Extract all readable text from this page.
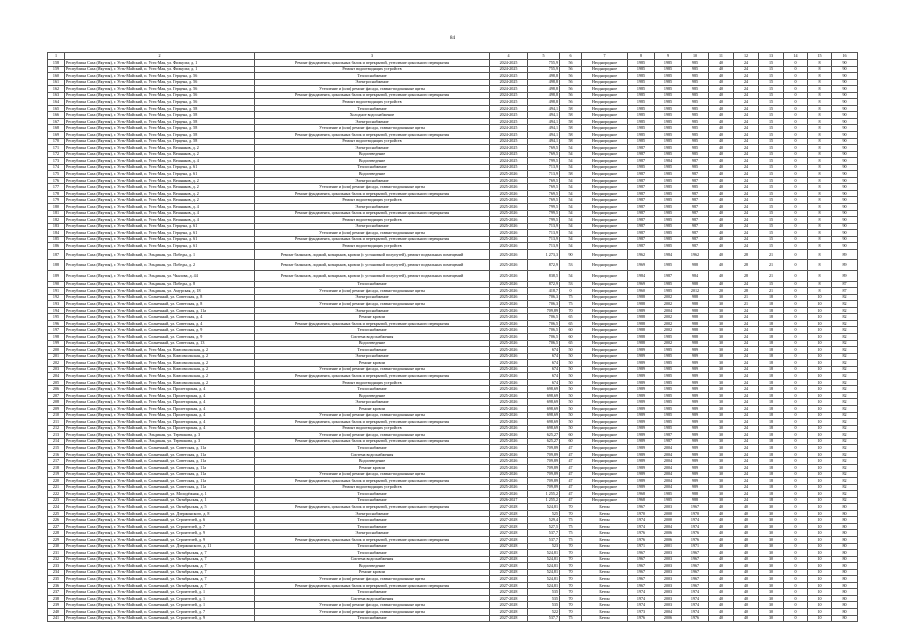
84
1	2	3	4	5	6	7	8	9	10	11	12	13	14	15	16
158	Республика Саха (Якутия), г. Усть-Майский, п. Усть-Мая, ул. Физкульт, д. 1	Ремонт фундамента, цокольных балок и перекрытий, утепление цокольного перекрытия	2024-2025	755,9	56	Неоднородное	1985	1985	985	40	24	15	0	8	90
159	Республика Саха (Якутия), г. Усть-Майский, п. Усть-Мая, ул. Физкульт, д. 1	Ремонт водоотводящих устройств	2024-2025	755,9	56	Неоднородное	1985	1985	985	40	24	15	0	8	90
160	Республика Саха (Якутия), г. Усть-Майский, п. Усть-Мая, ул. Герцена, д. 56	Теплоснабжение	2024-2025	498,8	56	Неоднородное	1985	1985	985	40	24	15	0	8	90
161	Республика Саха (Якутия), г. Усть-Майский, п. Усть-Мая, ул. Герцена, д. 56	Электроснабжение	2024-2025	498,8	56	Неоднородное	1985	1985	985	40	24	15	0	8	90
162	Республика Саха (Якутия), г. Усть-Майский, п. Усть-Мая, ул. Герцена, д. 56	Утепление и (или) ремонт фасада, ставни-подоконные щиты	2024-2025	498,8	56	Неоднородное	1985	1985	985	40	24	15	0	8	90
163	Республика Саха (Якутия), г. Усть-Майский, п. Усть-Мая, ул. Герцена, д. 56	Ремонт фундамента, цокольных балок и перекрытий, утепление цокольного перекрытия	2024-2025	498,8	56	Неоднородное	1985	1985	985	40	24	15	0	8	90
164	Республика Саха (Якутия), г. Усть-Майский, п. Усть-Мая, ул. Герцена, д. 56	Ремонт водоотводящих устройств	2024-2025	498,8	56	Неоднородное	1985	1985	985	40	24	15	0	8	90
165	Республика Саха (Якутия), г. Усть-Майский, п. Усть-Мая, ул. Герцена, д. 58	Теплоснабжение	2024-2025	494,1	58	Неоднородное	1985	1985	985	40	24	15	0	8	90
166	Республика Саха (Якутия), г. Усть-Майский, п. Усть-Мая, ул. Герцена, д. 58	Холодное водоснабжение	2024-2025	494,1	58	Неоднородное	1985	1985	985	40	24	15	0	8	90
167	Республика Саха (Якутия), г. Усть-Майский, п. Усть-Мая, ул. Герцена, д. 58	Электроснабжение	2024-2025	494,1	58	Неоднородное	1985	1985	985	40	24	15	0	8	90
168	Республика Саха (Якутия), г. Усть-Майский, п. Усть-Мая, ул. Герцена, д. 58	Утепление и (или) ремонт фасада, ставни-подоконные щиты	2024-2025	494,1	58	Неоднородное	1985	1985	985	40	24	15	0	8	90
169	Республика Саха (Якутия), г. Усть-Майский, п. Усть-Мая, ул. Герцена, д. 58	Ремонт фундамента, цокольных балок и перекрытий, утепление цокольного перекрытия	2024-2025	494,1	58	Неоднородное	1985	1985	985	40	24	15	0	8	90
170	Республика Саха (Якутия), г. Усть-Майский, п. Усть-Мая, ул. Герцена, д. 58	Ремонт водоотводящих устройств	2024-2025	494,1	58	Неоднородное	1985	1985	985	40	24	15	0	8	90
171	Республика Саха (Якутия), г. Усть-Майский, п. Усть-Мая, ул. Вешняков, д. 2	Электроснабжение	2024-2025	769,5	54	Неоднородное	1987	1985	985	40	24	15	0	8	90
172	Республика Саха (Якутия), г. Усть-Майский, п. Усть-Мая, ул. Вешняков, д. 2	Водоотведение	2024-2025	769,5	54	Неоднородное	1987	1985	985	40	24	15	0	8	90
173	Республика Саха (Якутия), г. Усть-Майский, п. Усть-Мая, ул. Вешняков, д. 4	Водоотведение	2024-2025	799,5	54	Неоднородное	1987	1984	987	40	24	15	0	8	90
174	Республика Саха (Якутия), г. Усть-Майский, п. Усть-Мая, ул. Герцена, д. 61	Теплоснабжение	2024-2025	713,9	54	Неоднородное	1985	1985	985	40	24	15	0	8	90
175	Республика Саха (Якутия), г. Усть-Майский, п. Усть-Мая, ул. Герцена, д. 61	Водоотведение	2025-2026	713,9	58	Неоднородное	1987	1985	987	40	24	15	0	8	90
176	Республика Саха (Якутия), г. Усть-Майский, п. Усть-Мая, ул. Вешняков, д. 2	Электроснабжение	2025-2026	769,5	54	Неоднородное	1987	1985	987	40	24	15	0	8	90
177	Республика Саха (Якутия), г. Усть-Майский, п. Усть-Мая, ул. Вешняков, д. 2	Утепление и (или) ремонт фасада, ставни-подоконные щиты	2025-2026	769,5	54	Неоднородное	1987	1985	985	40	24	15	0	8	90
178	Республика Саха (Якутия), г. Усть-Майский, п. Усть-Мая, ул. Вешняков, д. 2	Ремонт фундамента, цокольных балок и перекрытий, утепление цокольного перекрытия	2025-2026	769,5	54	Неоднородное	1987	1985	987	40	24	15	0	8	90
179	Республика Саха (Якутия), г. Усть-Майский, п. Усть-Мая, ул. Вешняков, д. 2	Ремонт водоотводящих устройств	2025-2026	769,5	54	Неоднородное	1987	1985	987	40	24	15	0	8	90
180	Республика Саха (Якутия), г. Усть-Майский, п. Усть-Мая, ул. Вешняков, д. 4	Электроснабжение	2025-2026	799,5	54	Неоднородное	1987	1985	987	40	24	15	0	8	90
181	Республика Саха (Якутия), г. Усть-Майский, п. Усть-Мая, ул. Вешняков, д. 4	Ремонт фундамента, цокольных балок и перекрытий, утепление цокольного перекрытия	2025-2026	799,5	54	Неоднородное	1987	1985	987	40	24	15	0	8	90
182	Республика Саха (Якутия), г. Усть-Майский, п. Усть-Мая, ул. Вешняков, д. 4	Ремонт водоотводящих устройств	2025-2026	799,5	54	Неоднородное	1987	1985	987	40	24	15	0	8	90
183	Республика Саха (Якутия), г. Усть-Майский, п. Усть-Мая, ул. Герцена, д. 61	Электроснабжение	2025-2026	713,9	54	Неоднородное	1987	1985	987	40	24	15	0	8	90
184	Республика Саха (Якутия), г. Усть-Майский, п. Усть-Мая, ул. Герцена, д. 61	Утепление и (или) ремонт фасада, ставни-подоконные щиты	2025-2026	713,9	54	Неоднородное	1987	1985	987	40	24	15	0	8	90
185	Республика Саха (Якутия), г. Усть-Майский, п. Усть-Мая, ул. Герцена, д. 61	Ремонт фундамента, цокольных балок и перекрытий, утепление цокольного перекрытия	2025-2026	713,9	54	Неоднородное	1987	1985	987	40	24	15	0	8	90
186	Республика Саха (Якутия), г. Усть-Майский, п. Усть-Мая, ул. Герцена, д. 61	Ремонт водоотводящих устройств	2025-2026	713,9	54	Неоднородное	1987	1985	987	40	24	15	0	8	90
187	Республика Саха (Якутия), г. Усть-Майский, п. Эльдикан, ул. Победы, д. 1	Ремонт балконов, лоджий, козырьков, кровли (с установкой полупутей), ремонт подвальных помещений	2025-2026	1 273,3	90	Неоднородное	1962	1984	1962	40	28	21	0	8	89
188	Республика Саха (Якутия), г. Усть-Майский, п. Эльдикан, ул. Победы, д. 2	Ремонт балконов, лоджий, козырьков, кровли (с установкой полупутей), ремонт подвальных помещений	2025-2026	872,9	53	Неоднородное	1969	1985	988	40	28	21	0	8	89
189	Республика Саха (Якутия), г. Усть-Майский, п. Эльдикан, ул. Чкалова, д. 44	Ремонт балконов, лоджий, козырьков, кровли (с установкой полупутей), ремонт подвальных помещений	2025-2026	838,5	54	Неоднородное	1984	1987	984	40	28	21	0	8	89
190	Республика Саха (Якутия), г. Усть-Майский, п. Эльдикан, ул. Победы, д. 8	Теплоснабжение	2025-2026	872,9	53	Неоднородное	1969	1985	988	40	24	15	0	8	87
191	Республика Саха (Якутия), г. Усть-Майский, п. Эльдикан, ул. Амурская, д. 18	Утепление и (или) ремонт фасада, ставни-подоконные щиты	2025-2026	418,7	0	Неоднородное	1960	1985	2012	20	28	21	0	8	87
192	Республика Саха (Якутия), г. Усть-Майский, п. Солнечный, ул. Советская, д. 8	Электроснабжение	2025-2026	706,3	75	Неоднородное	1988	2002	988	30	21	18	0	10	82
193	Республика Саха (Якутия), г. Усть-Майский, п. Солнечный, ул. Советская, д. 8	Утепление и (или) ремонт фасада, ставни-подоконные щиты	2025-2026	706,3	75	Неоднородное	1988	2002	988	30	21	18	0	10	82
194	Республика Саха (Якутия), г. Усть-Майский, п. Солнечный, ул. Советская, д. 11а	Электроснабжение	2025-2026	709,89	70	Неоднородное	1989	2004	988	30	24	18	0	10	82
195	Республика Саха (Якутия), г. Усть-Майский, п. Солнечный, ул. Советская, д. 4	Ремонт кровли	2025-2026	706,5	65	Неоднородное	1988	2002	988	30	24	18	0	10	82
196	Республика Саха (Якутия), г. Усть-Майский, п. Солнечный, ул. Советская, д. 4	Ремонт фундамента, цокольных балок и перекрытий, утепление цокольного перекрытия	2025-2026	706,5	65	Неоднородное	1988	2002	988	30	24	18	0	10	82
197	Республика Саха (Якутия), г. Усть-Майский, п. Солнечный, ул. Советская, д. 9	Теплоснабжение	2025-2026	706,5	60	Неоднородное	1988	2002	988	30	24	18	0	10	82
198	Республика Саха (Якутия), г. Усть-Майский, п. Солнечный, ул. Советская, д. 9	Система водоснабжения	2025-2026	706,5	60	Неоднородное	1988	1985	988	30	24	18	0	10	82
199	Республика Саха (Якутия), г. Усть-Майский, п. Солнечный, ул. Советская, д. 13	Водоотведение	2025-2026	706,5	65	Неоднородное	1988	2002	988	30	24	18	0	10	82
200	Республика Саха (Якутия), г. Усть-Майский, п. Усть-Мая, ул. Комсомольская, д. 2	Теплоснабжение	2025-2026	674	50	Неоднородное	1989	1985	989	30	24	18	0	10	82
201	Республика Саха (Якутия), г. Усть-Майский, п. Усть-Мая, ул. Комсомольская, д. 2	Электроснабжение	2025-2026	674	50	Неоднородное	1989	1985	989	30	24	18	0	10	82
202	Республика Саха (Якутия), г. Усть-Майский, п. Усть-Мая, ул. Комсомольская, д. 2	Ремонт кровли	2025-2026	674	50	Неоднородное	1989	1985	989	30	24	18	0	10	82
203	Республика Саха (Якутия), г. Усть-Майский, п. Усть-Мая, ул. Комсомольская, д. 2	Утепление и (или) ремонт фасада, ставни-подоконные щиты	2025-2026	674	50	Неоднородное	1989	1985	989	30	24	18	0	10	82
204	Республика Саха (Якутия), г. Усть-Майский, п. Усть-Мая, ул. Комсомольская, д. 2	Ремонт фундамента, цокольных балок и перекрытий, утепление цокольного перекрытия	2025-2026	674	50	Неоднородное	1989	1985	989	30	24	18	0	10	82
205	Республика Саха (Якутия), г. Усть-Майский, п. Усть-Мая, ул. Комсомольская, д. 2	Ремонт водоотводящих устройств	2025-2026	674	50	Неоднородное	1989	1985	989	30	24	18	0	10	82
206	Республика Саха (Якутия), г. Усть-Майский, п. Усть-Мая, ул. Пролетарская, д. 4	Теплоснабжение	2025-2026	698,69	50	Неоднородное	1989	1985	989	30	24	18	0	10	82
207	Республика Саха (Якутия), г. Усть-Майский, п. Усть-Мая, ул. Пролетарская, д. 4	Водоотведение	2025-2026	698,69	50	Неоднородное	1989	1985	989	30	24	18	0	10	82
208	Республика Саха (Якутия), г. Усть-Майский, п. Усть-Мая, ул. Пролетарская, д. 4	Электроснабжение	2025-2026	698,69	50	Неоднородное	1989	1985	989	30	24	18	0	10	82
209	Республика Саха (Якутия), г. Усть-Майский, п. Усть-Мая, ул. Пролетарская, д. 4	Ремонт кровли	2025-2026	698,69	50	Неоднородное	1989	1985	989	30	24	18	0	10	82
210	Республика Саха (Якутия), г. Усть-Майский, п. Усть-Мая, ул. Пролетарская, д. 4	Утепление и (или) ремонт фасада, ставни-подоконные щиты	2025-2026	698,69	50	Неоднородное	1989	1985	989	30	24	18	0	10	82
211	Республика Саха (Якутия), г. Усть-Майский, п. Усть-Мая, ул. Пролетарская, д. 4	Ремонт фундамента, цокольных балок и перекрытий, утепление цокольного перекрытия	2025-2026	698,69	50	Неоднородное	1989	1985	989	30	24	18	0	10	82
212	Республика Саха (Якутия), г. Усть-Майский, п. Усть-Мая, ул. Пролетарская, д. 4	Ремонт водоотводящих устройств	2025-2026	698,69	50	Неоднородное	1989	1985	989	30	24	18	0	10	82
213	Республика Саха (Якутия), г. Усть-Майский, п. Эльдикан, ул. Терешкова, д. 3	Утепление и (или) ремонт фасада, ставни-подоконные щиты	2025-2026	625,27	60	Неоднородное	1989	1987	989	30	24	18	0	10	82
214	Республика Саха (Якутия), г. Усть-Майский, п. Эльдикан, ул. Терешкова, д. 3	Ремонт фундамента, цокольных балок и перекрытий, утепление цокольного перекрытия	2025-2026	625,27	60	Неоднородное	1989	1987	989	30	24	18	0	10	82
215	Республика Саха (Якутия), г. Усть-Майский, п. Солнечный, ул. Советская, д. 11а	Теплоснабжение	2025-2026	709,89	47	Неоднородное	1989	2004	989	30	24	18	0	10	82
216	Республика Саха (Якутия), г. Усть-Майский, п. Солнечный, ул. Советская, д. 11а	Система водоснабжения	2025-2026	709,89	47	Неоднородное	1989	2004	989	30	24	18	0	10	82
217	Республика Саха (Якутия), г. Усть-Майский, п. Солнечный, ул. Советская, д. 11а	Водоотведение	2025-2026	709,89	47	Неоднородное	1989	2004	989	30	24	18	0	10	82
218	Республика Саха (Якутия), г. Усть-Майский, п. Солнечный, ул. Советская, д. 11а	Ремонт кровли	2025-2026	709,89	47	Неоднородное	1989	2004	989	30	24	18	0	10	82
219	Республика Саха (Якутия), г. Усть-Майский, п. Солнечный, ул. Советская, д. 11а	Утепление и (или) ремонт фасада, ставни-подоконные щиты	2025-2026	709,89	47	Неоднородное	1989	2004	989	30	24	18	0	10	82
220	Республика Саха (Якутия), г. Усть-Майский, п. Солнечный, ул. Советская, д. 11а	Ремонт фундамента, цокольных балок и перекрытий, утепление цокольного перекрытия	2025-2026	709,89	47	Неоднородное	1989	2004	989	30	24	18	0	10	82
221	Республика Саха (Якутия), г. Усть-Майский, п. Солнечный, ул. Советская, д. 11а	Ремонт водоотводящих устройств	2025-2026	709,89	47	Неоднородное	1989	2004	989	30	24	18	0	10	82
222	Республика Саха (Якутия), г. Усть-Майский, п. Солнечный, ул. Молодёжная, д. 1	Теплоснабжение	2025-2026	1 255,2	47	Неоднородное	1968	1985	988	30	24	18	0	10	82
223	Республика Саха (Якутия), г. Усть-Майский, п. Солнечный, ул. Октябрьская, д. 1	Теплоснабжение	2026-2027	1 255,2	47	Неоднородное	1968	1985	988	30	24	18	0	10	82
224	Республика Саха (Якутия), г. Усть-Майский, п. Солнечный, ул. Октябрьская, д. 5	Ремонт фундамента, цокольных балок и перекрытий, утепление цокольного перекрытия	2027-2028	524,81	70	Бетон	1967	2003	1967	40	40	30	0	10	80
225	Республика Саха (Якутия), г. Усть-Майский, п. Солнечный, ул. Дзержинского, д. 8	Электроснабжение	2027-2028	525	70	Бетон	1970	2000	1970	40	40	30	0	10	80
226	Республика Саха (Якутия), г. Усть-Майский, п. Солнечный, ул. Строителей, д. 6	Теплоснабжение	2027-2028	529,4	75	Бетон	1974	2000	1974	40	40	30	0	10	80
227	Республика Саха (Якутия), г. Усть-Майский, п. Солнечный, ул. Строителей, д. 7	Теплоснабжение	2027-2028	527,5	75	Бетон	1974	2004	1974	40	40	30	0	10	80
228	Республика Саха (Якутия), г. Усть-Майский, п. Солнечный, ул. Строителей, д. 9	Электроснабжение	2027-2028	537,7	75	Бетон	1976	2006	1976	40	40	30	0	10	80
229	Республика Саха (Якутия), г. Усть-Майский, п. Солнечный, ул. Строителей, д. 9	Ремонт фундамента, цокольных балок и перекрытий, утепление цокольного перекрытия	2027-2028	537,7	75	Бетон	1976	2006	1976	40	40	30	0	10	80
230	Республика Саха (Якутия), г. Усть-Майский, п. Солнечный, ул. Дзержинского, д. 11	Теплоснабжение	2027-2028	523	70	Бетон	1971	2001	1971	40	40	30	0	10	80
231	Республика Саха (Якутия), г. Усть-Майский, п. Солнечный, ул. Октябрьская, д. 7	Теплоснабжение	2027-2028	524,81	70	Бетон	1967	2003	1967	40	40	30	0	10	80
232	Республика Саха (Якутия), г. Усть-Майский, п. Солнечный, ул. Октябрьская, д. 7	Система водоснабжения	2027-2028	524,81	70	Бетон	1967	2003	1967	40	40	30	0	10	80
233	Республика Саха (Якутия), г. Усть-Майский, п. Солнечный, ул. Октябрьская, д. 7	Водоотведение	2027-2028	524,81	70	Бетон	1967	2003	1967	40	40	30	0	10	80
234	Республика Саха (Якутия), г. Усть-Майский, п. Солнечный, ул. Октябрьская, д. 7	Ремонт кровли	2027-2028	524,81	70	Бетон	1967	2003	1967	40	40	30	0	10	80
235	Республика Саха (Якутия), г. Усть-Майский, п. Солнечный, ул. Октябрьская, д. 7	Утепление и (или) ремонт фасада, ставни-подоконные щиты	2027-2028	524,81	70	Бетон	1967	2003	1967	40	40	30	0	10	80
236	Республика Саха (Якутия), г. Усть-Майский, п. Солнечный, ул. Октябрьская, д. 7	Ремонт фундамента, цокольных балок и перекрытий, утепление цокольного перекрытия	2027-2028	524,81	70	Бетон	1967	2003	1967	40	40	30	0	10	80
237	Республика Саха (Якутия), г. Усть-Майский, п. Солнечный, ул. Строителей, д. 1	Теплоснабжение	2027-2028	535	70	Бетон	1974	2003	1974	40	40	30	0	10	80
238	Республика Саха (Якутия), г. Усть-Майский, п. Солнечный, ул. Строителей, д. 1	Система водоснабжения	2027-2028	535	70	Бетон	1974	2003	1974	40	40	30	0	10	80
239	Республика Саха (Якутия), г. Усть-Майский, п. Солнечный, ул. Строителей, д. 1	Утепление и (или) ремонт фасада, ставни-подоконные щиты	2027-2028	535	70	Бетон	1974	2003	1974	40	40	30	0	10	80
240	Республика Саха (Якутия), г. Усть-Майский, п. Солнечный, ул. Строителей, д. 7	Утепление и (или) ремонт фасада, ставни-подоконные щиты	2027-2028	522	70	Бетон	1973	2004	1974	40	40	30	0	10	80
241	Республика Саха (Якутия), г. Усть-Майский, п. Солнечный, ул. Строителей, д. 9	Теплоснабжение	2027-2028	537,7	75	Бетон	1976	2006	1976	40	40	30	0	10	80
